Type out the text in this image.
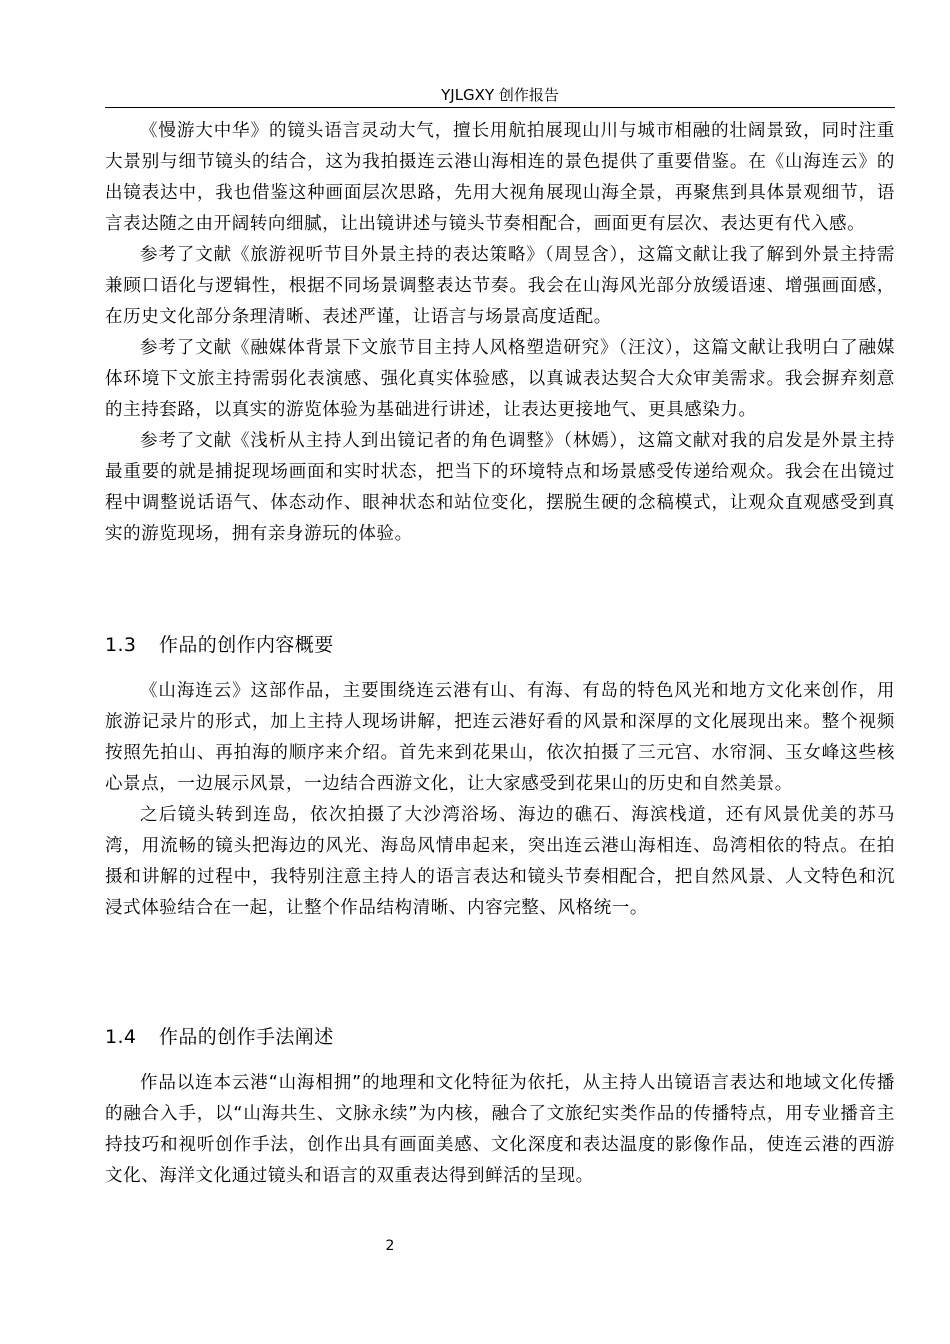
YJLGXY 创作报告

《慢游大中华》的镜头语言灵动大气，擅长用航拍展现山川与城市相融的壮阔景致，同时注重大景别与细节镜头的结合，这为我拍摄连云港山海相连的景色提供了重要借鉴。在《山海连云》的出镜表达中，我也借鉴这种画面层次思路，先用大视角展现山海全景，再聚焦到具体景观细节，语言表达随之由开阔转向细腻，让出镜讲述与镜头节奏相配合，画面更有层次、表达更有代入感。

参考了文献《旅游视听节目外景主持的表达策略》（周昱含），这篇文献让我了解到外景主持需兼顾口语化与逻辑性，根据不同场景调整表达节奏。我会在山海风光部分放缓语速、增强画面感，在历史文化部分条理清晰、表述严谨，让语言与场景高度适配。

参考了文献《融媒体背景下文旅节目主持人风格塑造研究》（汪汶），这篇文献让我明白了融媒体环境下文旅主持需弱化表演感、强化真实体验感，以真诚表达契合大众审美需求。我会摒弃刻意的主持套路，以真实的游览体验为基础进行讲述，让表达更接地气、更具感染力。

参考了文献《浅析从主持人到出镜记者的角色调整》（林嫣），这篇文献对我的启发是外景主持最重要的就是捕捉现场画面和实时状态，把当下的环境特点和场景感受传递给观众。我会在出镜过程中调整说话语气、体态动作、眼神状态和站位变化，摆脱生硬的念稿模式，让观众直观感受到真实的游览现场，拥有亲身游玩的体验。

1.3 作品的创作内容概要

《山海连云》这部作品，主要围绕连云港有山、有海、有岛的特色风光和地方文化来创作，用旅游记录片的形式，加上主持人现场讲解，把连云港好看的风景和深厚的文化展现出来。整个视频按照先拍山、再拍海的顺序来介绍。首先来到花果山，依次拍摄了三元宫、水帘洞、玉女峰这些核心景点，一边展示风景，一边结合西游文化，让大家感受到花果山的历史和自然美景。

之后镜头转到连岛，依次拍摄了大沙湾浴场、海边的礁石、海滨栈道，还有风景优美的苏马湾，用流畅的镜头把海边的风光、海岛风情串起来，突出连云港山海相连、岛湾相依的特点。在拍摄和讲解的过程中，我特别注意主持人的语言表达和镜头节奏相配合，把自然风景、人文特色和沉浸式体验结合在一起，让整个作品结构清晰、内容完整、风格统一。

1.4 作品的创作手法阐述

作品以连本云港“山海相拥”的地理和文化特征为依托，从主持人出镜语言表达和地域文化传播的融合入手，以“山海共生、文脉永续”为内核，融合了文旅纪实类作品的传播特点，用专业播音主持技巧和视听创作手法，创作出具有画面美感、文化深度和表达温度的影像作品，使连云港的西游文化、海洋文化通过镜头和语言的双重表达得到鲜活的呈现。

2
